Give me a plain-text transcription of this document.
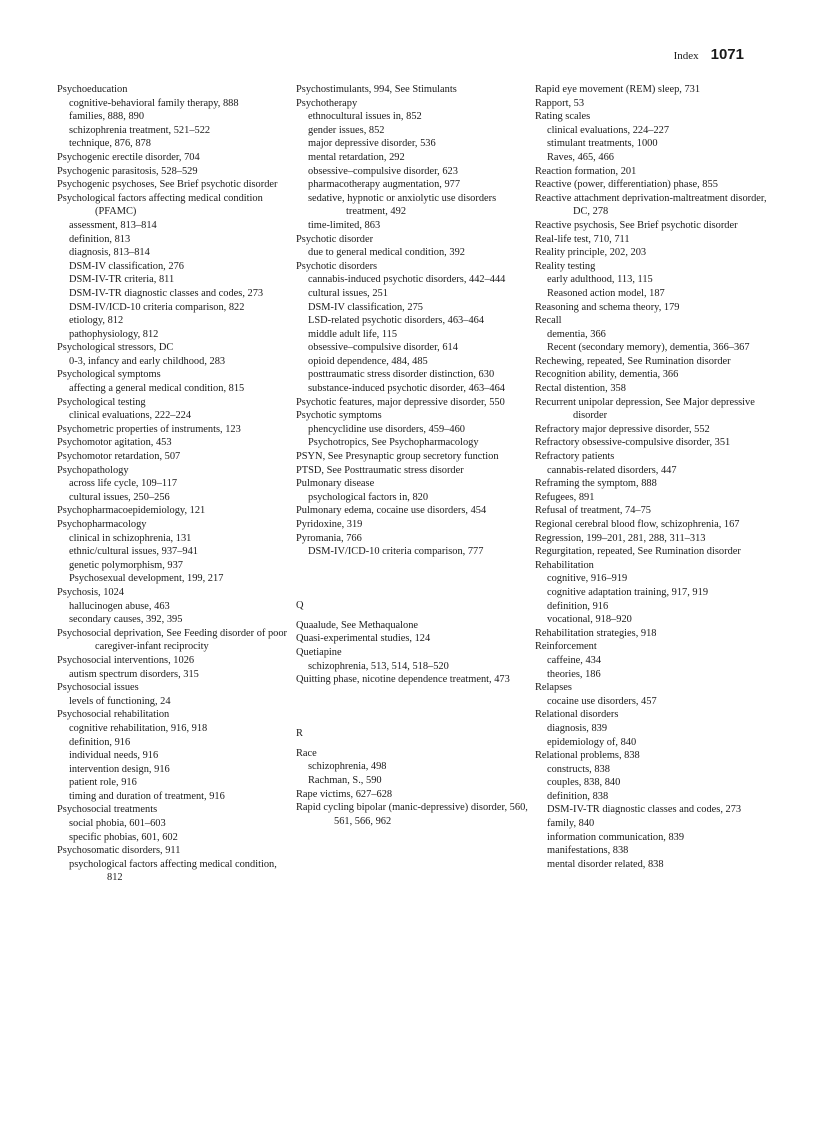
Index 1071
Psychoeducation
cognitive-behavioral family therapy, 888
families, 888, 890
schizophrenia treatment, 521–522
technique, 876, 878
Psychogenic erectile disorder, 704
Psychogenic parasitosis, 528–529
Psychogenic psychoses, See Brief psychotic disorder
Psychological factors affecting medical condition (PFAMC)
assessment, 813–814
definition, 813
diagnosis, 813–814
DSM-IV classification, 276
DSM-IV-TR criteria, 811
DSM-IV-TR diagnostic classes and codes, 273
DSM-IV/ICD-10 criteria comparison, 822
etiology, 812
pathophysiology, 812
Psychological stressors, DC
0-3, infancy and early childhood, 283
Psychological symptoms
affecting a general medical condition, 815
Psychological testing
clinical evaluations, 222–224
Psychometric properties of instruments, 123
Psychomotor agitation, 453
Psychomotor retardation, 507
Psychopathology
across life cycle, 109–117
cultural issues, 250–256
Psychopharmacoepidemiology, 121
Psychopharmacology
clinical in schizophrenia, 131
ethnic/cultural issues, 937–941
genetic polymorphism, 937
Psychosexual development, 199, 217
Psychosis, 1024
hallucinogen abuse, 463
secondary causes, 392, 395
Psychosocial deprivation, See Feeding disorder of poor caregiver-infant reciprocity
Psychosocial interventions, 1026
autism spectrum disorders, 315
Psychosocial issues
levels of functioning, 24
Psychosocial rehabilitation
cognitive rehabilitation, 916, 918
definition, 916
individual needs, 916
intervention design, 916
patient role, 916
timing and duration of treatment, 916
Psychosocial treatments
social phobia, 601–603
specific phobias, 601, 602
Psychosomatic disorders, 911
psychological factors affecting medical condition, 812
Psychostimulants, 994, See Stimulants
Psychotherapy
ethnocultural issues in, 852
gender issues, 852
major depressive disorder, 536
mental retardation, 292
obsessive–compulsive disorder, 623
pharmacotherapy augmentation, 977
sedative, hypnotic or anxiolytic use disorders treatment, 492
time-limited, 863
Psychotic disorder
due to general medical condition, 392
Psychotic disorders
cannabis-induced psychotic disorders, 442–444
cultural issues, 251
DSM-IV classification, 275
LSD-related psychotic disorders, 463–464
middle adult life, 115
obsessive–compulsive disorder, 614
opioid dependence, 484, 485
posttraumatic stress disorder distinction, 630
substance-induced psychotic disorder, 463–464
Psychotic features, major depressive disorder, 550
Psychotic symptoms
phencyclidine use disorders, 459–460
Psychotropics, See Psychopharmacology
PSYN, See Presynaptic group secretory function
PTSD, See Posttraumatic stress disorder
Pulmonary disease
psychological factors in, 820
Pulmonary edema, cocaine use disorders, 454
Pyridoxine, 319
Pyromania, 766
DSM-IV/ICD-10 criteria comparison, 777
Q
Quaalude, See Methaqualone
Quasi-experimental studies, 124
Quetiapine
schizophrenia, 513, 514, 518–520
Quitting phase, nicotine dependence treatment, 473
R
Race
schizophrenia, 498
Rachman, S., 590
Rape victims, 627–628
Rapid cycling bipolar (manic-depressive) disorder, 560, 561, 566, 962
Rapid eye movement (REM) sleep, 731
Rapport, 53
Rating scales
clinical evaluations, 224–227
stimulant treatments, 1000
Raves, 465, 466
Reaction formation, 201
Reactive (power, differentiation) phase, 855
Reactive attachment deprivation-maltreatment disorder, DC, 278
Reactive psychosis, See Brief psychotic disorder
Real-life test, 710, 711
Reality principle, 202, 203
Reality testing
early adulthood, 113, 115
Reasoned action model, 187
Reasoning and schema theory, 179
Recall
dementia, 366
Recent (secondary memory), dementia, 366–367
Rechewing, repeated, See Rumination disorder
Recognition ability, dementia, 366
Rectal distention, 358
Recurrent unipolar depression, See Major depressive disorder
Refractory major depressive disorder, 552
Refractory obsessive-compulsive disorder, 351
Refractory patients
cannabis-related disorders, 447
Reframing the symptom, 888
Refugees, 891
Refusal of treatment, 74–75
Regional cerebral blood flow, schizophrenia, 167
Regression, 199–201, 281, 288, 311–313
Regurgitation, repeated, See Rumination disorder
Rehabilitation
cognitive, 916–919
cognitive adaptation training, 917, 919
definition, 916
vocational, 918–920
Rehabilitation strategies, 918
Reinforcement
caffeine, 434
theories, 186
Relapses
cocaine use disorders, 457
Relational disorders
diagnosis, 839
epidemiology of, 840
Relational problems, 838
constructs, 838
couples, 838, 840
definition, 838
DSM-IV-TR diagnostic classes and codes, 273
family, 840
information communication, 839
manifestations, 838
mental disorder related, 838
